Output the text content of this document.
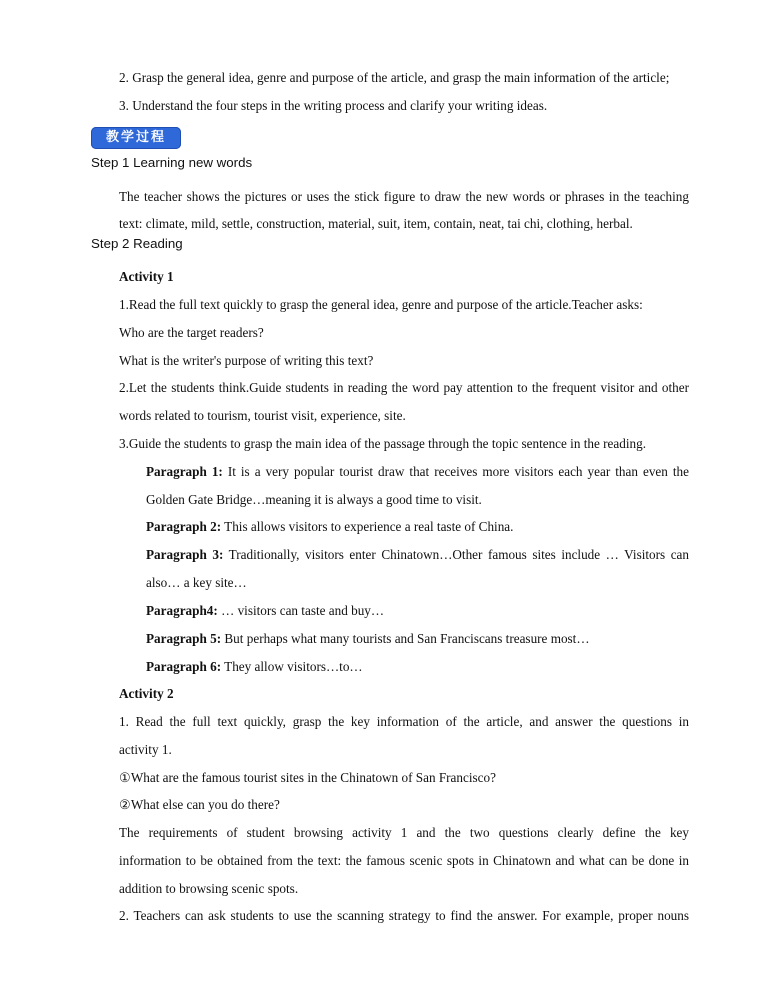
2. Grasp the general idea, genre and purpose of the article, and grasp the main information of the article;
3. Understand the four steps in the writing process and clarify your writing ideas.
教学过程
Step 1 Learning new words
The teacher shows the pictures or uses the stick figure to draw the new words or phrases in the teaching
text: climate, mild, settle, construction, material, suit, item, contain, neat, tai chi, clothing, herbal.
Step 2 Reading
Activity 1
1.Read the full text quickly to grasp the general idea, genre and purpose of the article.Teacher asks:
Who are the target readers?
What is the writer's purpose of writing this text?
2.Let the students think.Guide students in reading the word pay attention to the frequent visitor and other
words related to tourism, tourist visit, experience, site.
3.Guide the students to grasp the main idea of the passage through the topic sentence in the reading.
Paragraph 1: It is a very popular tourist draw that receives more visitors each year than even the
Golden Gate Bridge…meaning it is always a good time to visit.
Paragraph 2: This allows visitors to experience a real taste of China.
Paragraph 3: Traditionally, visitors enter Chinatown…Other famous sites include … Visitors can
also… a key site…
Paragraph4: … visitors can taste and buy…
Paragraph 5: But perhaps what many tourists and San Franciscans treasure most…
Paragraph 6: They allow visitors…to…
Activity 2
1. Read the full text quickly, grasp the key information of the article, and answer the questions in
activity 1.
①What are the famous tourist sites in the Chinatown of San Francisco?
②What else can you do there?
The requirements of student browsing activity 1 and the two questions clearly define the key
information to be obtained from the text: the famous scenic spots in Chinatown and what can be done in
addition to browsing scenic spots.
2. Teachers can ask students to use the scanning strategy to find the answer. For example, proper nouns
